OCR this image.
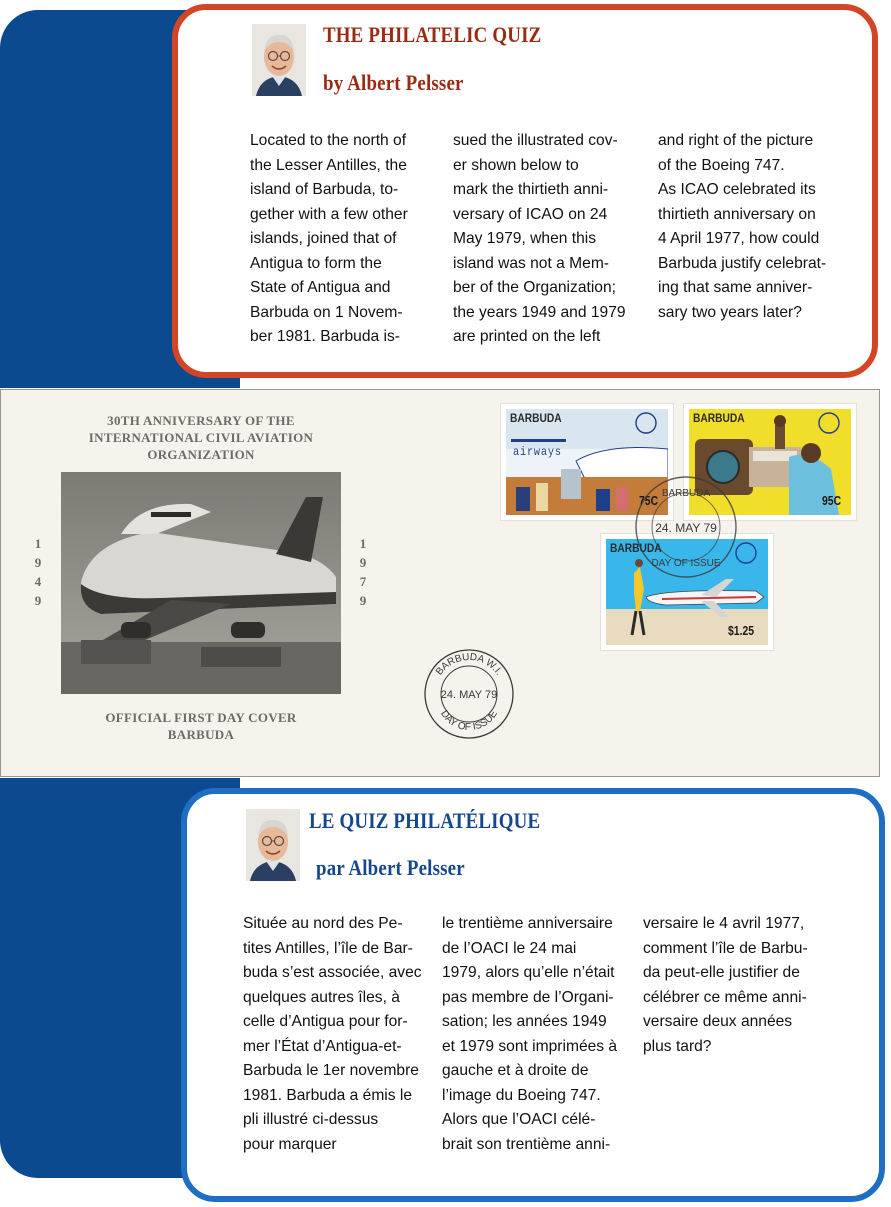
THE PHILATELIC QUIZ
by Albert Pelsser
Located to the north of
the Lesser Antilles, the
island of Barbuda, to-
gether with a few other
islands, joined that of
Antigua to form the
State of Antigua and
Barbuda on 1 Novem-
ber 1981. Barbuda is-
sued the illustrated cov-
er shown below to
mark the thirtieth anni-
versary of ICAO on 24
May 1979, when this
island was not a Mem-
ber of the Organization;
the years 1949 and 1979
are printed on the left
and right of the picture
of the Boeing 747.
As ICAO celebrated its
thirtieth anniversary on
4 April 1977, how could
Barbuda justify celebrat-
ing that same anniver-
sary two years later?
30TH ANNIVERSARY OF THE
INTERNATIONAL CIVIL AVIATION
ORGANIZATION
1
9
4
9
1
9
7
9
OFFICIAL FIRST DAY COVER
BARBUDA
BARBUDA
airways
75C
BARBUDA
95C
BARBUDA
$1.25
BARBUDA
24. MAY 79
DAY OF ISSUE
BARBUDA W.I.
24. MAY 79
DAY OF ISSUE
LE QUIZ PHILATÉLIQUE
par Albert Pelsser
Située au nord des Pe-
tites Antilles, l’île de Bar-
buda s’est associée, avec
quelques autres îles, à
celle d’Antigua pour for-
mer l’État d’Antigua-et-
Barbuda le 1er novembre
1981. Barbuda a émis le
pli illustré ci-dessus
pour marquer
le trentième anniversaire
de l’OACI le 24 mai
1979, alors qu’elle n’était
pas membre de l’Organi-
sation; les années 1949
et 1979 sont imprimées à
gauche et à droite de
l’image du Boeing 747.
Alors que l’OACI célé-
brait son trentième anni-
versaire le 4 avril 1977,
comment l’île de Barbu-
da peut-elle justifier de
célébrer ce même anni-
versaire deux années
plus tard?
